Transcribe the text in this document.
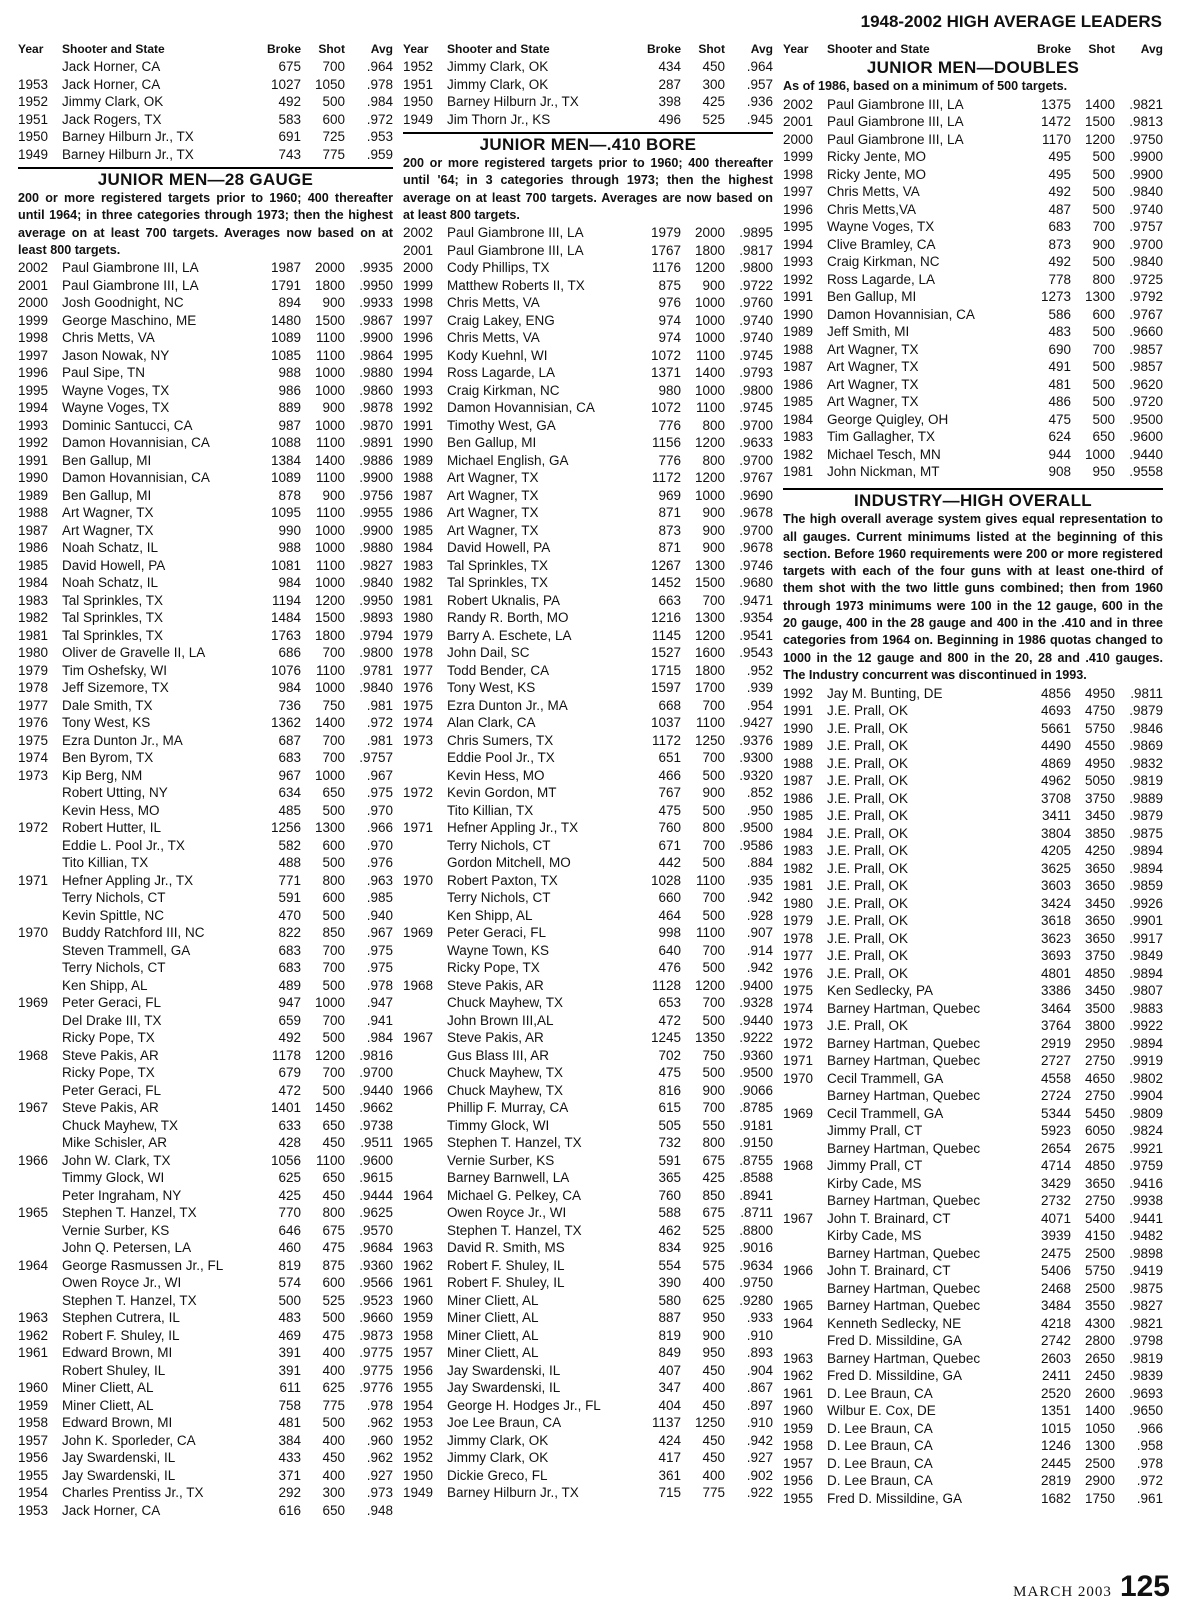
1948-2002 HIGH AVERAGE LEADERS
Year	Shooter and State	Broke	Shot	Avg
Jack Horner, CA	675	700	.964
1953	Jack Horner, CA	1027	1050	.978
1952	Jimmy Clark, OK	492	500	.984
1951	Jack Rogers, TX	583	600	.972
1950	Barney Hilburn Jr., TX	691	725	.953
1949	Barney Hilburn Jr., TX	743	775	.959
JUNIOR MEN—28 GAUGE
200 or more registered targets prior to 1960; 400 thereafter until 1964; in three categories through 1973; then the highest average on at least 700 targets. Averages now based on at least 800 targets.
2002	Paul Giambrone III, LA	1987	2000	.9935
2001	Paul Giambrone III, LA	1791	1800	.9950
2000	Josh Goodnight, NC	894	900	.9933
1999	George Maschino, ME	1480	1500	.9867
1998	Chris Metts, VA	1089	1100	.9900
1997	Jason Nowak, NY	1085	1100	.9864
1996	Paul Sipe, TN	988	1000	.9880
1995	Wayne Voges, TX	986	1000	.9860
1994	Wayne Voges, TX	889	900	.9878
1993	Dominic Santucci, CA	987	1000	.9870
1992	Damon Hovannisian, CA	1088	1100	.9891
1991	Ben Gallup, MI	1384	1400	.9886
1990	Damon Hovannisian, CA	1089	1100	.9900
1989	Ben Gallup, MI	878	900	.9756
1988	Art Wagner, TX	1095	1100	.9955
1987	Art Wagner, TX	990	1000	.9900
1986	Noah Schatz, IL	988	1000	.9880
1985	David Howell, PA	1081	1100	.9827
1984	Noah Schatz, IL	984	1000	.9840
1983	Tal Sprinkles, TX	1194	1200	.9950
1982	Tal Sprinkles, TX	1484	1500	.9893
1981	Tal Sprinkles, TX	1763	1800	.9794
1980	Oliver de Gravelle II, LA	686	700	.9800
1979	Tim Oshefsky, WI	1076	1100	.9781
1978	Jeff Sizemore, TX	984	1000	.9840
1977	Dale Smith, TX	736	750	.981
1976	Tony West, KS	1362	1400	.972
1975	Ezra Dunton Jr., MA	687	700	.981
1974	Ben Byrom, TX	683	700	.9757
1973	Kip Berg, NM	967	1000	.967
Robert Utting, NY	634	650	.975
Kevin Hess, MO	485	500	.970
1972	Robert Hutter, IL	1256	1300	.966
Eddie L. Pool Jr., TX	582	600	.970
Tito Killian, TX	488	500	.976
1971	Hefner Appling Jr., TX	771	800	.963
Terry Nichols, CT	591	600	.985
Kevin Spittle, NC	470	500	.940
1970	Buddy Ratchford III, NC	822	850	.967
Steven Trammell, GA	683	700	.975
Terry Nichols, CT	683	700	.975
Ken Shipp, AL	489	500	.978
1969	Peter Geraci, FL	947	1000	.947
Del Drake III, TX	659	700	.941
Ricky Pope, TX	492	500	.984
1968	Steve Pakis, AR	1178	1200	.9816
Ricky Pope, TX	679	700	.9700
Peter Geraci, FL	472	500	.9440
1967	Steve Pakis, AR	1401	1450	.9662
Chuck Mayhew, TX	633	650	.9738
Mike Schisler, AR	428	450	.9511
1966	John W. Clark, TX	1056	1100	.9600
Timmy Glock, WI	625	650	.9615
Peter Ingraham, NY	425	450	.9444
1965	Stephen T. Hanzel, TX	770	800	.9625
Vernie Surber, KS	646	675	.9570
John Q. Petersen, LA	460	475	.9684
1964	George Rasmussen Jr., FL	819	875	.9360
Owen Royce Jr., WI	574	600	.9566
Stephen T. Hanzel, TX	500	525	.9523
1963	Stephen Cutrera, IL	483	500	.9660
1962	Robert F. Shuley, IL	469	475	.9873
1961	Edward Brown, MI	391	400	.9775
Robert Shuley, IL	391	400	.9775
1960	Miner Cliett, AL	611	625	.9776
1959	Miner Cliett, AL	758	775	.978
1958	Edward Brown, MI	481	500	.962
1957	John K. Sporleder, CA	384	400	.960
1956	Jay Swardenski, IL	433	450	.962
1955	Jay Swardenski, IL	371	400	.927
1954	Charles Prentiss Jr., TX	292	300	.973
1953	Jack Horner, CA	616	650	.948
Year	Shooter and State	Broke	Shot	Avg
1952	Jimmy Clark, OK	434	450	.964
1951	Jimmy Clark, OK	287	300	.957
1950	Barney Hilburn Jr., TX	398	425	.936
1949	Jim Thorn Jr., KS	496	525	.945
JUNIOR MEN—.410 BORE
200 or more registered targets prior to 1960; 400 thereafter until '64; in 3 categories through 1973; then the highest average on at least 700 targets. Averages are now based on at least 800 targets.
2002	Paul Giambrone III, LA	1979	2000	.9895
2001	Paul Giambrone III, LA	1767	1800	.9817
2000	Cody Phillips, TX	1176	1200	.9800
1999	Matthew Roberts II, TX	875	900	.9722
1998	Chris Metts, VA	976	1000	.9760
1997	Craig Lakey, ENG	974	1000	.9740
1996	Chris Metts, VA	974	1000	.9740
1995	Kody Kuehnl, WI	1072	1100	.9745
1994	Ross Lagarde, LA	1371	1400	.9793
1993	Craig Kirkman, NC	980	1000	.9800
1992	Damon Hovannisian, CA	1072	1100	.9745
1991	Timothy West, GA	776	800	.9700
1990	Ben Gallup, MI	1156	1200	.9633
1989	Michael English, GA	776	800	.9700
1988	Art Wagner, TX	1172	1200	.9767
1987	Art Wagner, TX	969	1000	.9690
1986	Art Wagner, TX	871	900	.9678
1985	Art Wagner, TX	873	900	.9700
1984	David Howell, PA	871	900	.9678
1983	Tal Sprinkles, TX	1267	1300	.9746
1982	Tal Sprinkles, TX	1452	1500	.9680
1981	Robert Uknalis, PA	663	700	.9471
1980	Randy R. Borth, MO	1216	1300	.9354
1979	Barry A. Eschete, LA	1145	1200	.9541
1978	John Dail, SC	1527	1600	.9543
1977	Todd Bender, CA	1715	1800	.952
1976	Tony West, KS	1597	1700	.939
1975	Ezra Dunton Jr., MA	668	700	.954
1974	Alan Clark, CA	1037	1100	.9427
1973	Chris Sumers, TX	1172	1250	.9376
Eddie Pool Jr., TX	651	700	.9300
Kevin Hess, MO	466	500	.9320
1972	Kevin Gordon, MT	767	900	.852
Tito Killian, TX	475	500	.950
1971	Hefner Appling Jr., TX	760	800	.9500
Terry Nichols, CT	671	700	.9586
Gordon Mitchell, MO	442	500	.884
1970	Robert Paxton, TX	1028	1100	.935
Terry Nichols, CT	660	700	.942
Ken Shipp, AL	464	500	.928
1969	Peter Geraci, FL	998	1100	.907
Wayne Town, KS	640	700	.914
Ricky Pope, TX	476	500	.942
1968	Steve Pakis, AR	1128	1200	.9400
Chuck Mayhew, TX	653	700	.9328
John Brown III,AL	472	500	.9440
1967	Steve Pakis, AR	1245	1350	.9222
Gus Blass III, AR	702	750	.9360
Chuck Mayhew, TX	475	500	.9500
1966	Chuck Mayhew, TX	816	900	.9066
Phillip F. Murray, CA	615	700	.8785
Timmy Glock, WI	505	550	.9181
1965	Stephen T. Hanzel, TX	732	800	.9150
Vernie Surber, KS	591	675	.8755
Barney Barnwell, LA	365	425	.8588
1964	Michael G. Pelkey, CA	760	850	.8941
Owen Royce Jr., WI	588	675	.8711
Stephen T. Hanzel, TX	462	525	.8800
1963	David R. Smith, MS	834	925	.9016
1962	Robert F. Shuley, IL	554	575	.9634
1961	Robert F. Shuley, IL	390	400	.9750
1960	Miner Cliett, AL	580	625	.9280
1959	Miner Cliett, AL	887	950	.933
1958	Miner Cliett, AL	819	900	.910
1957	Miner Cliett, AL	849	950	.893
1956	Jay Swardenski, IL	407	450	.904
1955	Jay Swardenski, IL	347	400	.867
1954	George H. Hodges Jr., FL	404	450	.897
1953	Joe Lee Braun, CA	1137	1250	.910
1952	Jimmy Clark, OK	424	450	.942
1952	Jimmy Clark, OK	417	450	.927
1950	Dickie Greco, FL	361	400	.902
1949	Barney Hilburn Jr., TX	715	775	.922
Year	Shooter and State	Broke	Shot	Avg
JUNIOR MEN—DOUBLES
As of 1986, based on a minimum of 500 targets.
2002	Paul Giambrone III, LA	1375	1400	.9821
2001	Paul Giambrone III, LA	1472	1500	.9813
2000	Paul Giambrone III, LA	1170	1200	.9750
1999	Ricky Jente, MO	495	500	.9900
1998	Ricky Jente, MO	495	500	.9900
1997	Chris Metts, VA	492	500	.9840
1996	Chris Metts,VA	487	500	.9740
1995	Wayne Voges, TX	683	700	.9757
1994	Clive Bramley, CA	873	900	.9700
1993	Craig Kirkman, NC	492	500	.9840
1992	Ross Lagarde, LA	778	800	.9725
1991	Ben Gallup, MI	1273	1300	.9792
1990	Damon Hovannisian, CA	586	600	.9767
1989	Jeff Smith, MI	483	500	.9660
1988	Art Wagner, TX	690	700	.9857
1987	Art Wagner, TX	491	500	.9857
1986	Art Wagner, TX	481	500	.9620
1985	Art Wagner, TX	486	500	.9720
1984	George Quigley, OH	475	500	.9500
1983	Tim Gallagher, TX	624	650	.9600
1982	Michael Tesch, MN	944	1000	.9440
1981	John Nickman, MT	908	950	.9558
INDUSTRY—HIGH OVERALL
The high overall average system gives equal representation to all gauges. Current minimums listed at the beginning of this section. Before 1960 requirements were 200 or more registered targets with each of the four guns with at least one-third of them shot with the two little guns combined; then from 1960 through 1973 minimums were 100 in the 12 gauge, 600 in the 20 gauge, 400 in the 28 gauge and 400 in the .410 and in three categories from 1964 on. Beginning in 1986 quotas changed to 1000 in the 12 gauge and 800 in the 20, 28 and .410 gauges. The Industry concurrent was discontinued in 1993.
1992	Jay M. Bunting, DE	4856	4950	.9811
1991	J.E. Prall, OK	4693	4750	.9879
1990	J.E. Prall, OK	5661	5750	.9846
1989	J.E. Prall, OK	4490	4550	.9869
1988	J.E. Prall, OK	4869	4950	.9832
1987	J.E. Prall, OK	4962	5050	.9819
1986	J.E. Prall, OK	3708	3750	.9889
1985	J.E. Prall, OK	3411	3450	.9879
1984	J.E. Prall, OK	3804	3850	.9875
1983	J.E. Prall, OK	4205	4250	.9894
1982	J.E. Prall, OK	3625	3650	.9894
1981	J.E. Prall, OK	3603	3650	.9859
1980	J.E. Prall, OK	3424	3450	.9926
1979	J.E. Prall, OK	3618	3650	.9901
1978	J.E. Prall, OK	3623	3650	.9917
1977	J.E. Prall, OK	3693	3750	.9849
1976	J.E. Prall, OK	4801	4850	.9894
1975	Ken Sedlecky, PA	3386	3450	.9807
1974	Barney Hartman, Quebec	3464	3500	.9883
1973	J.E. Prall, OK	3764	3800	.9922
1972	Barney Hartman, Quebec	2919	2950	.9894
1971	Barney Hartman, Quebec	2727	2750	.9919
1970	Cecil Trammell, GA	4558	4650	.9802
Barney Hartman, Quebec	2724	2750	.9904
1969	Cecil Trammell, GA	5344	5450	.9809
Jimmy Prall, CT	5923	6050	.9824
Barney Hartman, Quebec	2654	2675	.9921
1968	Jimmy Prall, CT	4714	4850	.9759
Kirby Cade, MS	3429	3650	.9416
Barney Hartman, Quebec	2732	2750	.9938
1967	John T. Brainard, CT	4071	5400	.9441
Kirby Cade, MS	3939	4150	.9482
Barney Hartman, Quebec	2475	2500	.9898
1966	John T. Brainard, CT	5406	5750	.9419
Barney Hartman, Quebec	2468	2500	.9875
1965	Barney Hartman, Quebec	3484	3550	.9827
1964	Kenneth Sedlecky, NE	4218	4300	.9821
Fred D. Missildine, GA	2742	2800	.9798
1963	Barney Hartman, Quebec	2603	2650	.9819
1962	Fred D. Missildine, GA	2411	2450	.9839
1961	D. Lee Braun, CA	2520	2600	.9693
1960	Wilbur E. Cox, DE	1351	1400	.9650
1959	D. Lee Braun, CA	1015	1050	.966
1958	D. Lee Braun, CA	1246	1300	.958
1957	D. Lee Braun, CA	2445	2500	.978
1956	D. Lee Braun, CA	2819	2900	.972
1955	Fred D. Missildine, GA	1682	1750	.961
MARCH 2003 125
